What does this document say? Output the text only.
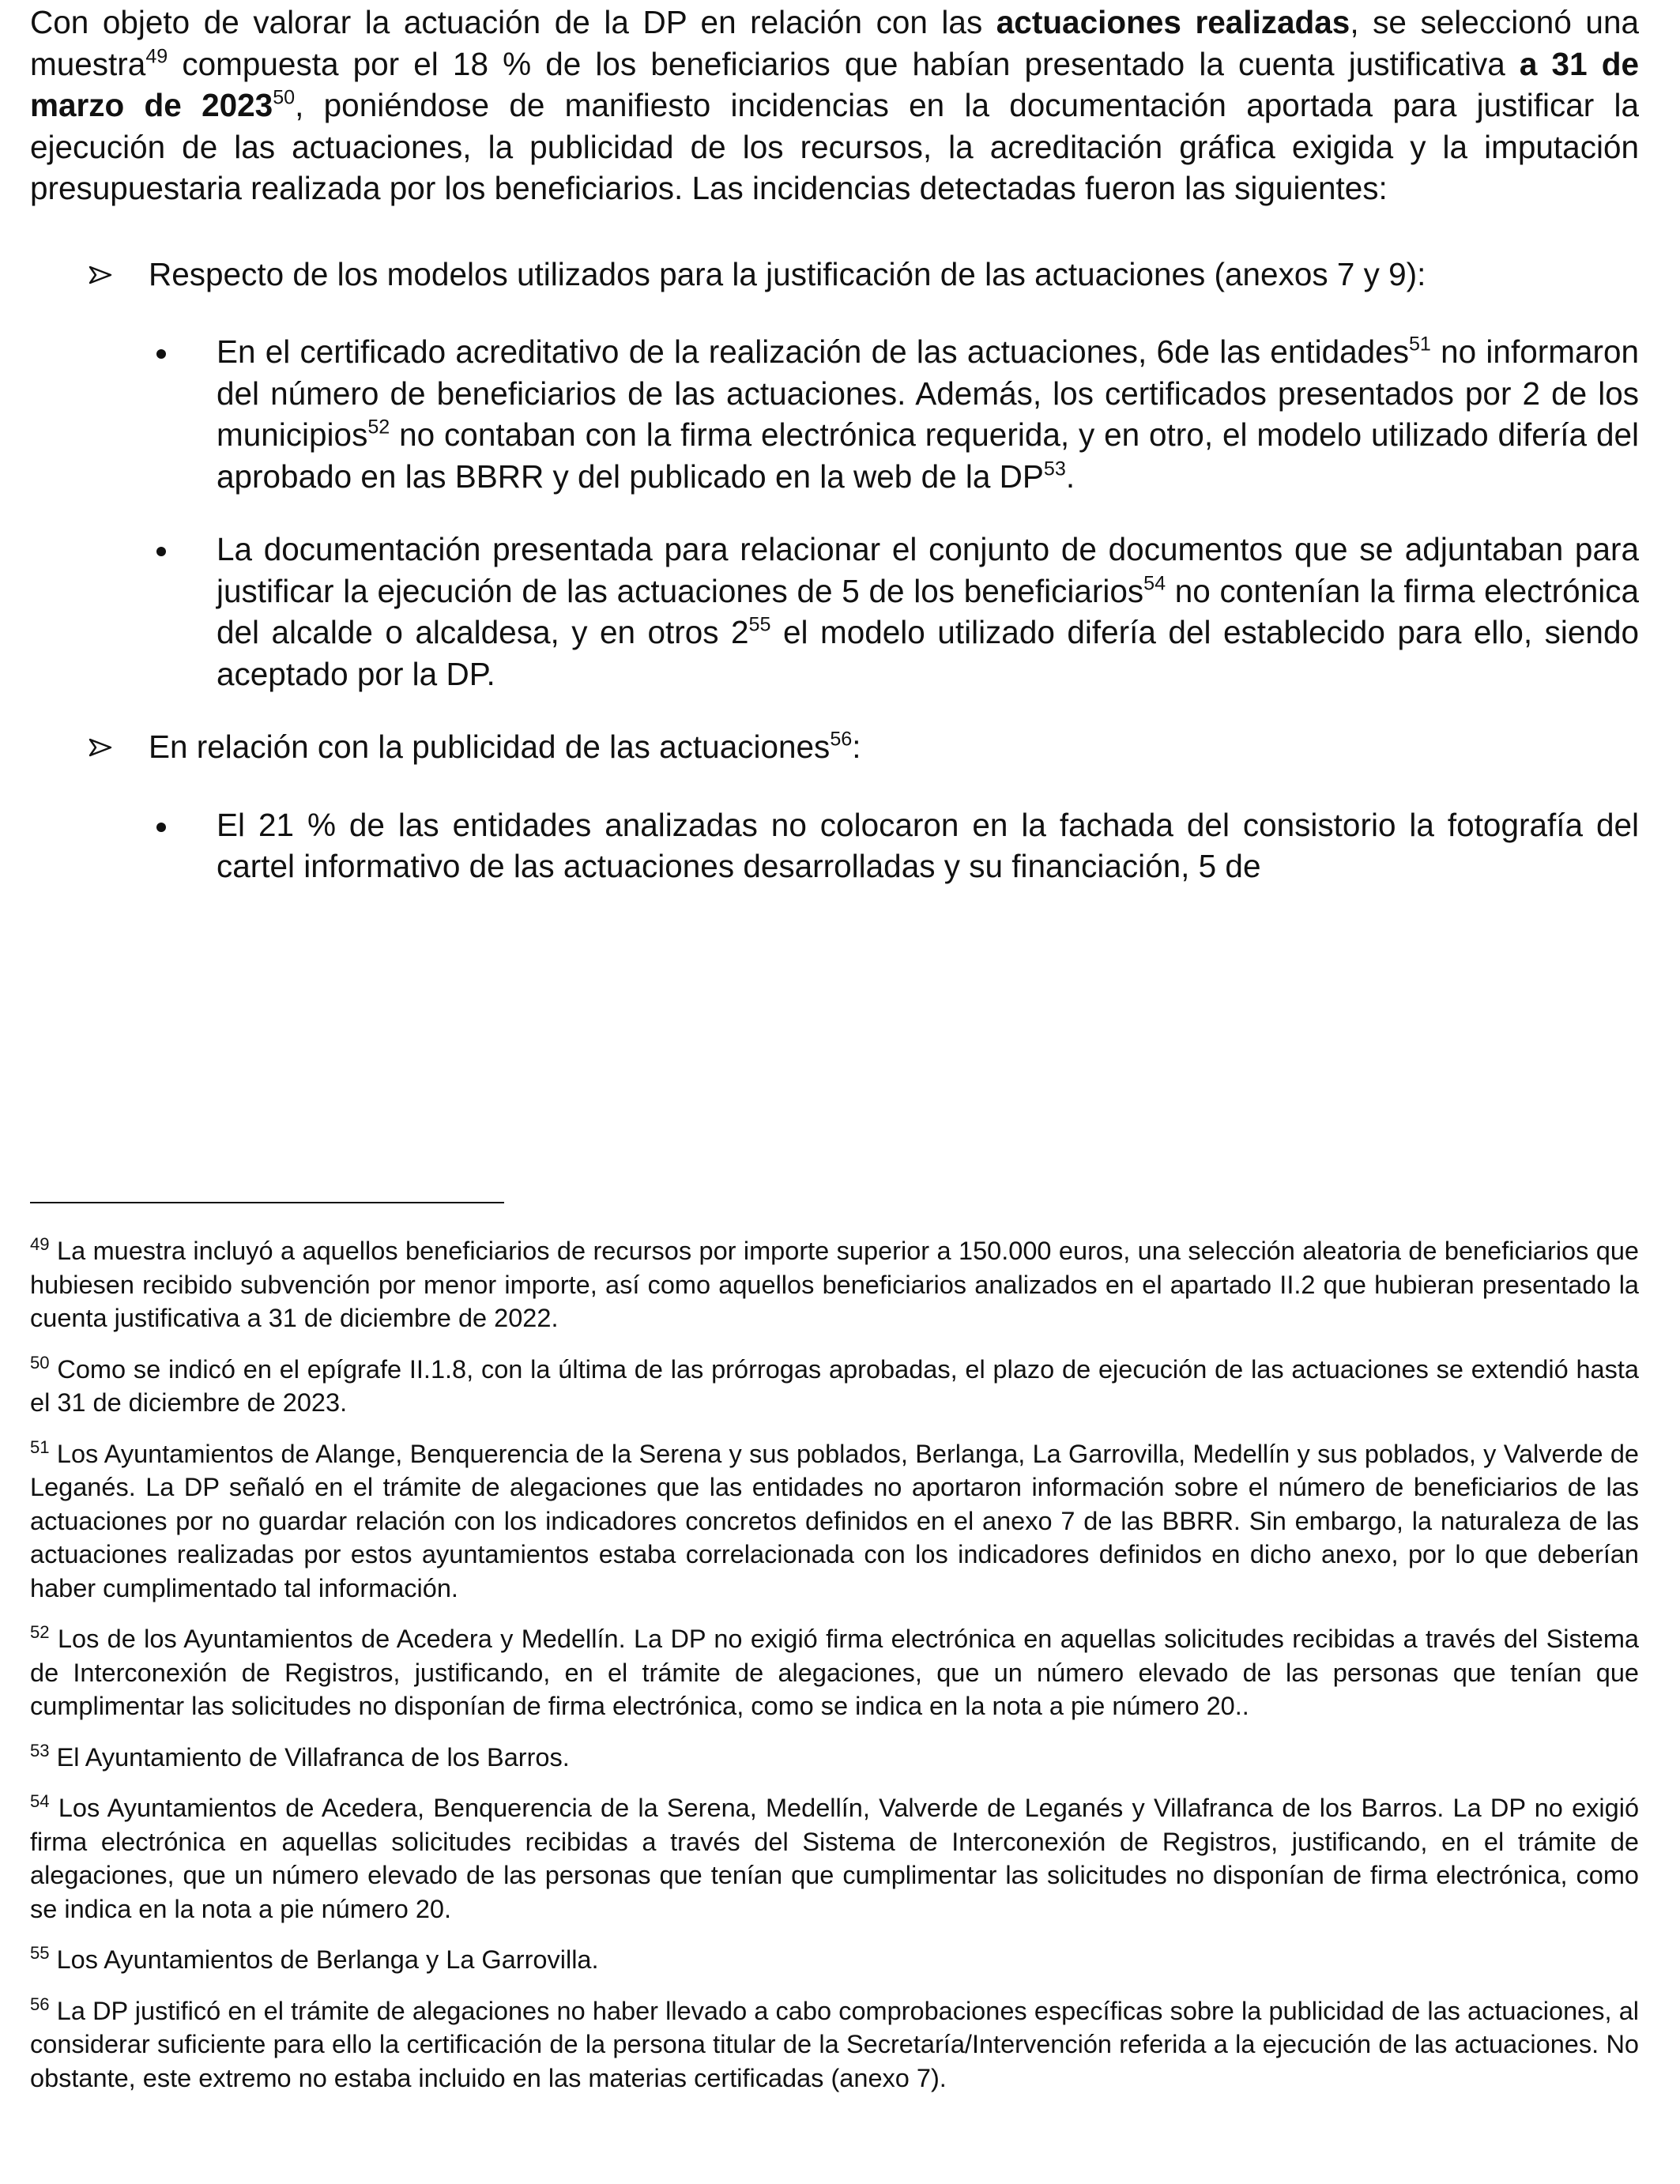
Con objeto de valorar la actuación de la DP en relación con las actuaciones realizadas, se seleccionó una muestra$^{49}$ compuesta por el 18 % de los beneficiarios que habían presentado la cuenta justificativa a 31 de marzo de 2023$^{50}$, poniéndose de manifiesto incidencias en la documentación aportada para justificar la ejecución de las actuaciones, la publicidad de los recursos, la acreditación gráfica exigida y la imputación presupuestaria realizada por los beneficiarios. Las incidencias detectadas fueron las siguientes:

Respecto de los modelos utilizados para la justificación de las actuaciones (anexos 7 y 9):

En el certificado acreditativo de la realización de las actuaciones, 6de las entidades$^{51}$ no informaron del número de beneficiarios de las actuaciones. Además, los certificados presentados por 2 de los municipios$^{52}$ no contaban con la firma electrónica requerida, y en otro, el modelo utilizado difería del aprobado en las BBRR y del publicado en la web de la DP$^{53}$.

La documentación presentada para relacionar el conjunto de documentos que se adjuntaban para justificar la ejecución de las actuaciones de 5 de los beneficiarios$^{54}$ no contenían la firma electrónica del alcalde o alcaldesa, y en otros $2^{55}$ el modelo utilizado difería del establecido para ello, siendo aceptado por la DP.

En relación con la publicidad de las actuaciones$^{56}$:

El 21 % de las entidades analizadas no colocaron en la fachada del consistorio la fotografía del cartel informativo de las actuaciones desarrolladas y su financiación, 5 de

$^{49}$ La muestra incluyó a aquellos beneficiarios de recursos por importe superior a 150.000 euros, una selección aleatoria de beneficiarios que hubiesen recibido subvención por menor importe, así como aquellos beneficiarios analizados en el apartado II.2 que hubieran presentado la cuenta justificativa a 31 de diciembre de 2022.

$^{50}$ Como se indicó en el epígrafe II.1.8, con la última de las prórrogas aprobadas, el plazo de ejecución de las actuaciones se extendió hasta el 31 de diciembre de 2023.

$^{51}$ Los Ayuntamientos de Alange, Benquerencia de la Serena y sus poblados, Berlanga, La Garrovilla, Medellín y sus poblados, y Valverde de Leganés. La DP señaló en el trámite de alegaciones que las entidades no aportaron información sobre el número de beneficiarios de las actuaciones por no guardar relación con los indicadores concretos definidos en el anexo 7 de las BBRR. Sin embargo, la naturaleza de las actuaciones realizadas por estos ayuntamientos estaba correlacionada con los indicadores definidos en dicho anexo, por lo que deberían haber cumplimentado tal información.

$^{52}$ Los de los Ayuntamientos de Acedera y Medellín. La DP no exigió firma electrónica en aquellas solicitudes recibidas a través del Sistema de Interconexión de Registros, justificando, en el trámite de alegaciones, que un número elevado de las personas que tenían que cumplimentar las solicitudes no disponían de firma electrónica, como se indica en la nota a pie número 20..

$^{53}$ El Ayuntamiento de Villafranca de los Barros.

$^{54}$ Los Ayuntamientos de Acedera, Benquerencia de la Serena, Medellín, Valverde de Leganés y Villafranca de los Barros. La DP no exigió firma electrónica en aquellas solicitudes recibidas a través del Sistema de Interconexión de Registros, justificando, en el trámite de alegaciones, que un número elevado de las personas que tenían que cumplimentar las solicitudes no disponían de firma electrónica, como se indica en la nota a pie número 20.

$^{55}$ Los Ayuntamientos de Berlanga y La Garrovilla.

$^{56}$ La DP justificó en el trámite de alegaciones no haber llevado a cabo comprobaciones específicas sobre la publicidad de las actuaciones, al considerar suficiente para ello la certificación de la persona titular de la Secretaría/Intervención referida a la ejecución de las actuaciones. No obstante, este extremo no estaba incluido en las materias certificadas (anexo 7).
